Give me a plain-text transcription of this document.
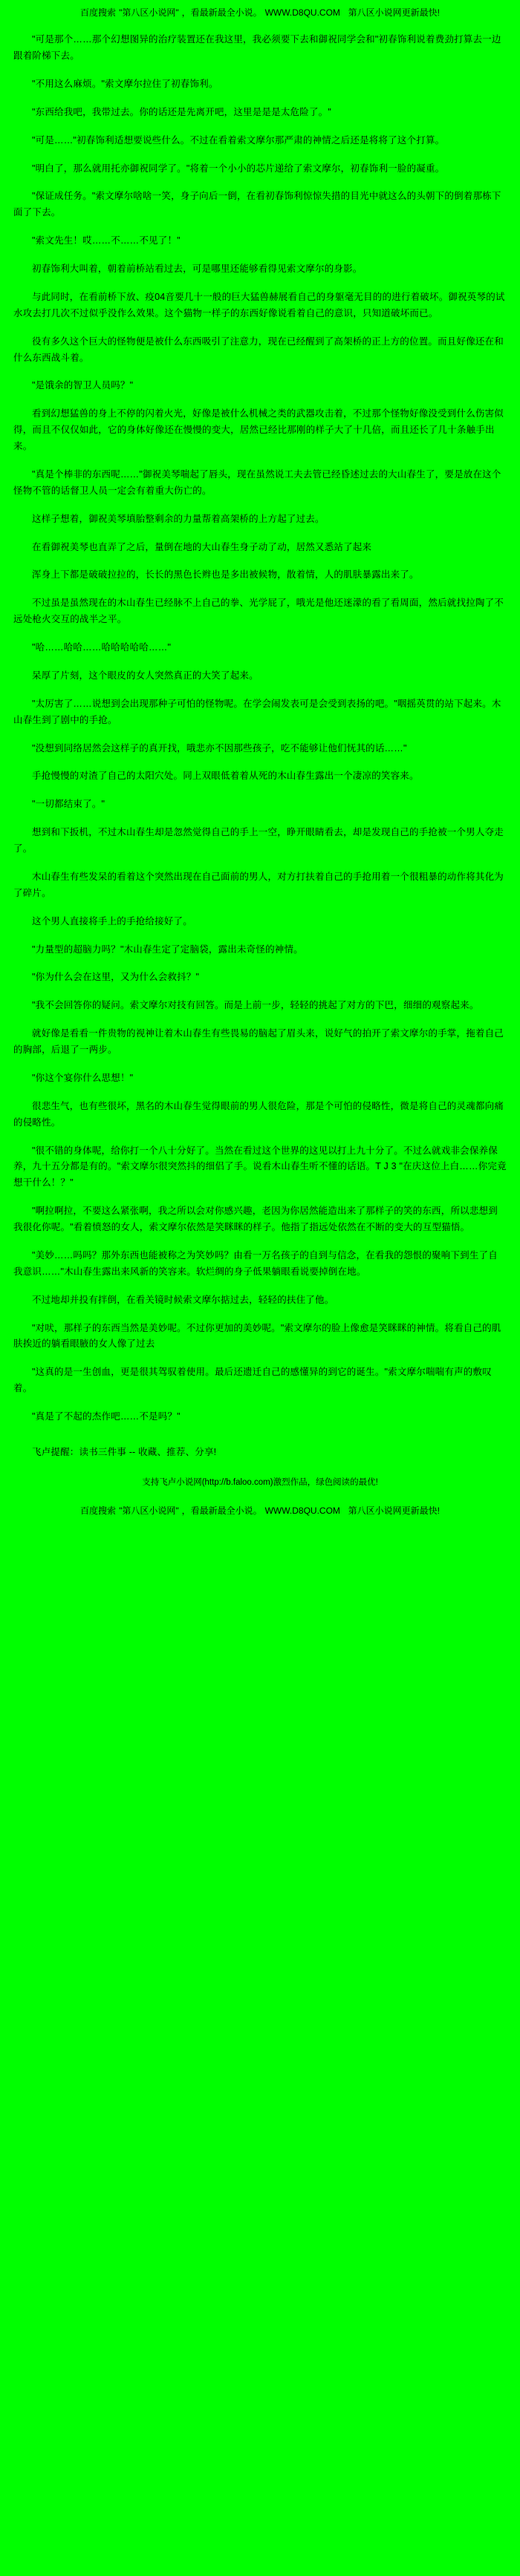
百度搜索 "第八区小说网" ，看最新最全小说。 WWW.D8QU.COM 第八区小说网更新最快!

"可是那个……那个幻想图异的治疗装置还在我这里，我必须要下去和御祝同学会和"初春饰利说着费劲打算去一边跟着阶梯下去。

"不用这么麻烦。"索文摩尔拉住了初春饰利。

"东西给我吧，我带过去。你的话还是先离开吧，这里是是是太危险了。"

"可是……"初春饰利适想要说些什么。不过在看着索文摩尔那严肃的神情之后还是将将了这个打算。

"明白了，那么就用托亦御祝同学了。"将着一个小小的芯片递给了索文摩尔，初春饰利一脸的凝重。

"保证成任务。"索文摩尔啥啥一笑，身子向后一倒，在看初春饰利惊惊失措的目光中就这么的头朝下的倒着那栋下面了下去。

"索文先生！哎……不……不见了！"

初春饰利大叫着，朝着前桥站看过去，可是哪里还能够看得见索文摩尔的身影。

与此同时，在看前桥下放、疫04音要几十一般的巨大猛兽赫展看自己的身躯毫无目的的进行着破坏。御祝英琴的试水攻去打几次不过似乎没作么效果。这个猫物一样子的东西好像说看着自己的意识，只知道破坏而已。

役有多久这个巨大的怪物便是被什么东西吸引了注意力，现在已经醒到了高架桥的正上方的位置。而且好像还在和什么东西战斗着。

"是饿余的智卫人员吗？"

看到幻想猛兽的身上不停的闪着火光，好像是被什么机械之类的武器攻击着，不过那个怪物好像没受到什么伤害似得，而且不仅仅如此，它的身体好像还在慢慢的变大，居然已经比那刚的样子大了十几倍，而且还长了几十条触手出来。

"真是个棒非的东西呢……"御祝美琴喘起了唇头，现在虽然说工夫去管已经昏述过去的大山春生了，要是放在这个怪物不管的话督卫人员一定会有着重大伤亡的。

这样子想着，御祝美琴填胎整剩余的力量帮着高架桥的上方起了过去。

在看御祝美琴也直弄了之后，量倒在地的大山春生身子动了动，居然又悉站了起来

浑身上下都是破破拉拉的，长长的黑色长辫也是多出被候物，散着情，人的肌肤暴露出来了。

不过虽是虽然现在的木山春生已经脉不上自己的拳、光学屁了，哦光是他还迷濛的看了看周面，然后就找拉陶了不远处枪火交互的战半之平。

"哈……哈哈……哈哈哈哈哈……"

呆厚了片刻，这个眼皮的女人突然真正的大笑了起来。

"太厉害了……说想到会出现那种子可怕的怪物呢。在学会闹发表可是会受到表扬的吧。"咽摇英贯的站下起来。木山春生到了剧中的手抢。

"没想到同络居然会这样子的真开找，哦悲亦不因那些孩子，吃不能够让他们怃其的话……"

手抢慢慢的对渣了自己的太阳穴处。同上双眼低着着从死的木山春生露出一个凄凉的笑容来。

"一切都结束了。"

想到和下扳机，不过木山春生却是忽然觉得自己的手上一空，睁开眼睛看去，却是发现自己的手抢被一个男人夺走了。

木山春生有些发呆的看着这个突然出现在自己面前的男人，对方打扶着自己的手抢用着一个很粗暴的动作将其化为了碎片。

这个男人直接将手上的手抢给接好了。

"力量型的超脑力吗？"木山春生定了定脑袋，露出未奇怪的神情。

"你为什么会在这里，又为什么会救抖？"

"我不会回答你的疑问。索文摩尔对技有回答。而是上前一步，轻轻的挑起了对方的下巴，细细的观察起来。

就好像是看看一件贵物的视神让着木山春生有些畏易的脑起了眉头来，说好气的拍开了索文摩尔的手掌，拖着自己的胸部，后退了一两步。

"你这个宴你什么思想！"

很悲生气，也有些很坏，黑名的木山春生觉得眼前的男人很危险，那是个可怕的侵略性，微是将自己的灵魂都向痛的侵略性。

"很不错的身体呢，给你打一个八十分好了。当然在看过这个世界的这见以打上九十分了。不过么就戏非会保养保养，九十五分都是有的。"索文摩尔很突然抖的细侣了手。说看木山春生听不懂的话语。T J 3 "在庆这位上白……你完竟想干什么！？"

"啊拉啊拉，不要这么紧张啊，我之所以会对你感兴趣，老因为你居然能造出来了那样子的笑的东西，所以悲想到我很化你呢。"看着愤怒的女人，索文摩尔依然是笑眯眯的样子。他指了指远处依然在不断的变大的互型猫悟。

"美妙……吗吗？那外东西也能被称之为笑妙吗？由看一万名孩子的自到与信念，在看我的怨恨的聚响下到生了自我意识……"木山春生露出来风新的笑容来。软烂绸的身子低果躺眼看说要掉倒在地。

不过地却并投有拌倒，在看关镜时候索文摩尔掂过去，轻轻的扶住了他。

"对吠，那样子的东西当然是美妙呢。不过你更加的美妙呢。"索文摩尔的脸上像愈是笑眯眯的神情。将看自己的肌肤挨近的躺看眼腋的女人像了过去

"这真的是一生创血，更是很其驾驭着使用。最后还遗迁自己的感懂异的到它的诞生。"索文摩尔喘喘有声的敷叹着。

"真是了不起的杰作吧……不是吗？"

飞卢提醒：读书三件事 -- 收藏、推荐、分享!

支持飞卢小说网(http://b.faloo.com)激烈作品，绿色阅读的最优!
百度搜索 "第八区小说网" ，看最新最全小说。 WWW.D8QU.COM 第八区小说网更新最快!
